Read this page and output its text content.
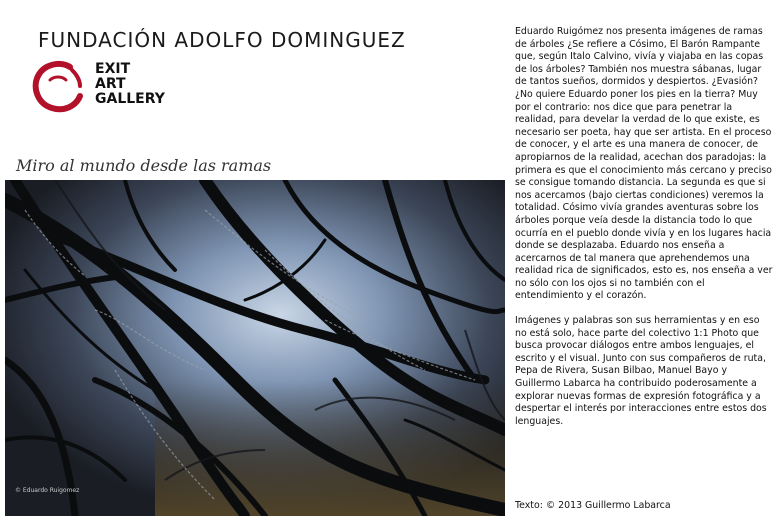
FUNDACIÓN ADOLFO DOMINGUEZ
EXIT
ART
GALLERY
Miro al mundo desde las ramas
© Eduardo Ruigomez

Eduardo Ruigómez nos presenta imágenes de ramas de árboles ¿Se refiere a Cósimo, El Barón Rampante que, según Italo Calvino, vivía y viajaba en las copas de los árboles? También nos muestra sábanas, lugar de tantos sueños, dormidos y despiertos. ¿Evasión? ¿No quiere Eduardo poner los pies en la tierra? Muy por el contrario: nos dice que para penetrar la realidad, para develar la verdad de lo que existe, es necesario ser poeta, hay que ser artista. En el proceso de conocer, y el arte es una manera de conocer, de apropiarnos de la realidad, acechan dos paradojas: la primera es que el conocimiento más cercano y preciso se consigue tomando distancia. La segunda es que si nos acercamos (bajo ciertas condiciones) veremos la totalidad. Cósimo vivía grandes aventuras sobre los árboles porque veía desde la distancia todo lo que ocurría en el pueblo donde vivía y en los lugares hacia donde se desplazaba. Eduardo nos enseña a acercarnos de tal manera que aprehendemos una realidad rica de significados, esto es, nos enseña a ver no sólo con los ojos si no también con el entendimiento y el corazón.

Imágenes y palabras son sus herramientas y en eso no está solo, hace parte del colectivo 1:1 Photo que busca provocar diálogos entre ambos lenguajes, el escrito y el visual. Junto con sus compañeros de ruta, Pepa de Rivera, Susan Bilbao, Manuel Bayo y Guillermo Labarca ha contribuido poderosamente a explorar nuevas formas de expresión fotográfica y a despertar el interés por interacciones entre estos dos lenguajes.

Texto: © 2013 Guillermo Labarca
